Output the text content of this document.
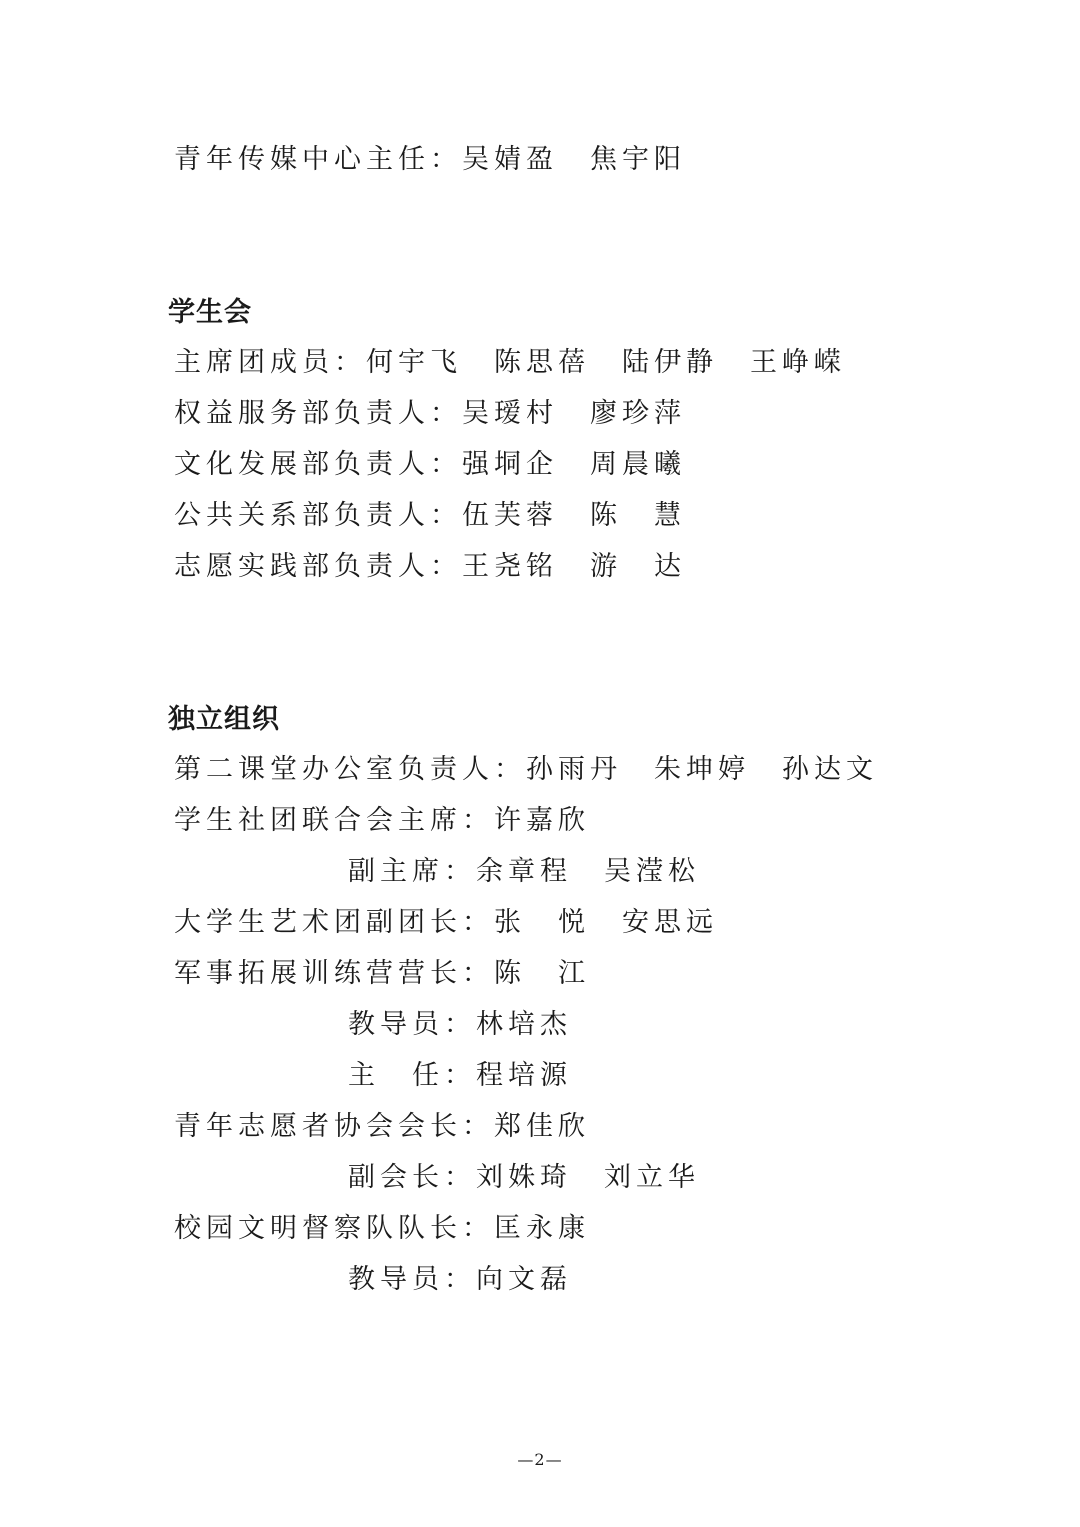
青年传媒中心主任：吴婧盈　焦宇阳
学生会
主席团成员：何宇飞　陈思蓓　陆伊静　王峥嵘
权益服务部负责人：吴瑷村　廖珍萍
文化发展部负责人：强垌企　周晨曦
公共关系部负责人：伍芙蓉　陈　慧
志愿实践部负责人：王尧铭　游　达
独立组织
第二课堂办公室负责人：孙雨丹　朱坤婷　孙达文
学生社团联合会主席：许嘉欣
副主席：余章程　吴滢松
大学生艺术团副团长：张　悦　安思远
军事拓展训练营营长：陈　江
教导员：林培杰
主　任：程培源
青年志愿者协会会长：郑佳欣
副会长：刘姝琦　刘立华
校园文明督察队队长：匡永康
教导员：向文磊
—2—
